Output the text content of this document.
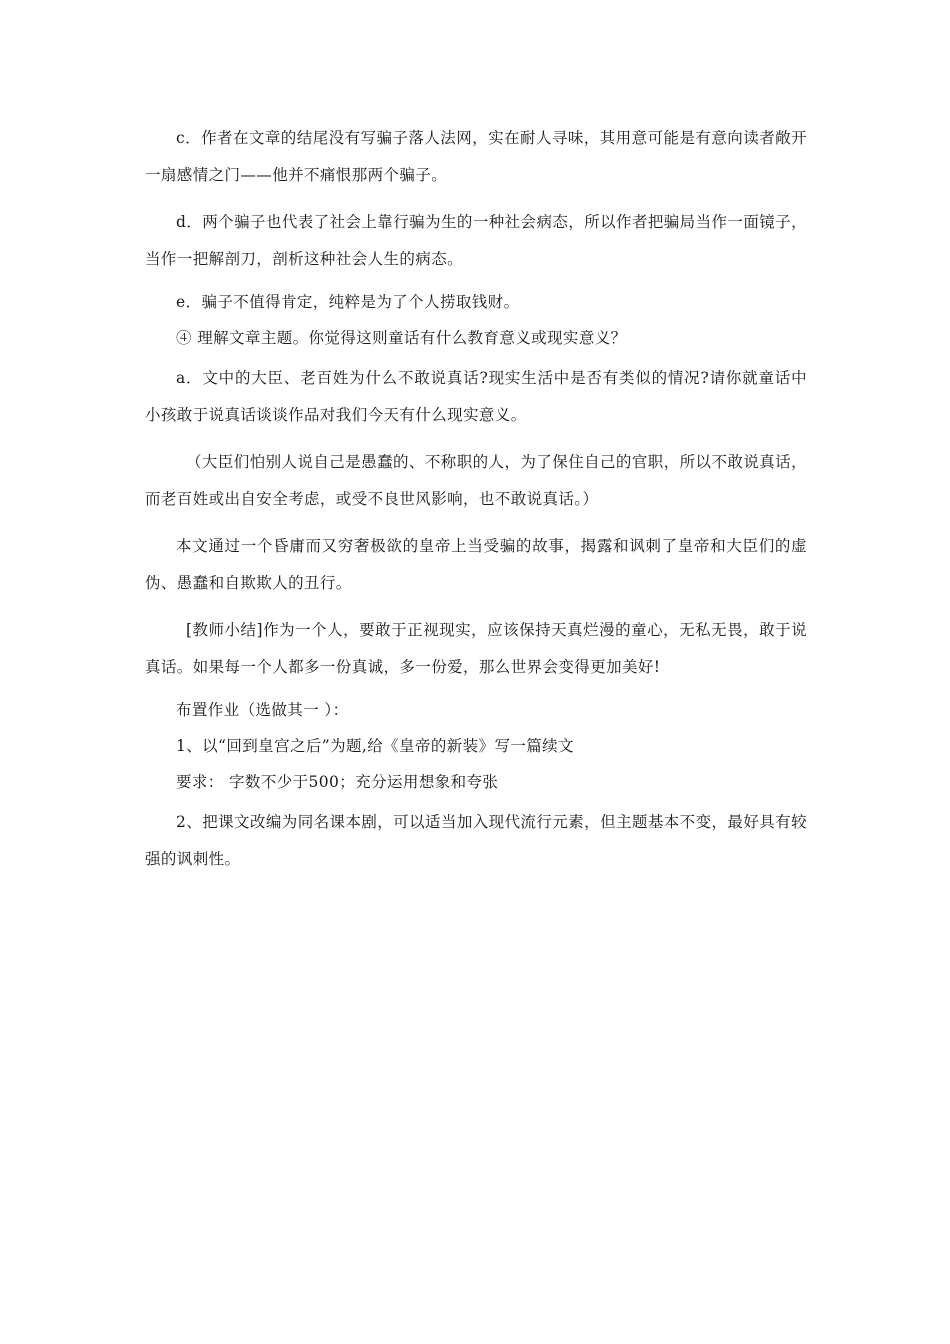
c．作者在文章的结尾没有写骗子落人法网，实在耐人寻味，其用意可能是有意向读者敞开一扇感情之门——他并不痛恨那两个骗子。

d．两个骗子也代表了社会上靠行骗为生的一种社会病态，所以作者把骗局当作一面镜子，当作一把解剖刀，剖析这种社会人生的病态。

e．骗子不值得肯定，纯粹是为了个人捞取钱财。

④ 理解文章主题。你觉得这则童话有什么教育意义或现实意义？

a．文中的大臣、老百姓为什么不敢说真话?现实生活中是否有类似的情况?请你就童话中小孩敢于说真话谈谈作品对我们今天有什么现实意义。

（大臣们怕别人说自己是愚蠢的、不称职的人，为了保住自己的官职，所以不敢说真话，而老百姓或出自安全考虑，或受不良世风影响，也不敢说真话。）

本文通过一个昏庸而又穷奢极欲的皇帝上当受骗的故事，揭露和讽刺了皇帝和大臣们的虚伪、愚蠢和自欺欺人的丑行。

[教师小结]作为一个人，要敢于正视现实，应该保持天真烂漫的童心，无私无畏，敢于说真话。如果每一个人都多一份真诚，多一份爱，那么世界会变得更加美好!

布置作业（选做其一 ）：

1、以“回到皇宫之后”为题,给《皇帝的新装》写一篇续文

要求： 字数不少于500；充分运用想象和夸张

2、把课文改编为同名课本剧，可以适当加入现代流行元素，但主题基本不变，最好具有较强的讽刺性。
